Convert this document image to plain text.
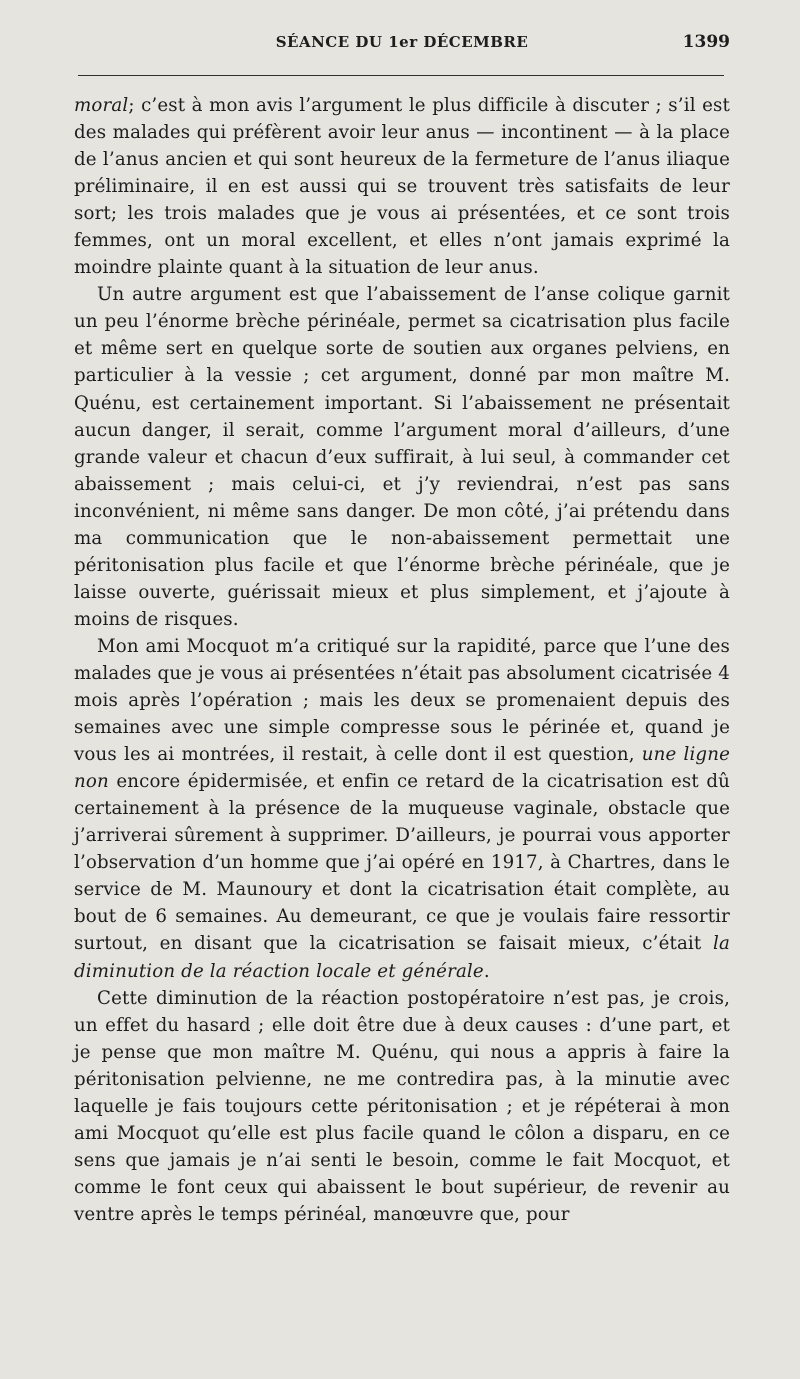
SÉANCE DU 1er DÉCEMBRE	1399

moral; c’est à mon avis l’argument le plus difficile à discuter ; s’il est des malades qui préfèrent avoir leur anus — incontinent — à la place de l’anus ancien et qui sont heureux de la fermeture de l’anus iliaque préliminaire, il en est aussi qui se trouvent très satisfaits de leur sort; les trois malades que je vous ai présentées, et ce sont trois femmes, ont un moral excellent, et elles n’ont jamais exprimé la moindre plainte quant à la situation de leur anus.

Un autre argument est que l’abaissement de l’anse colique garnit un peu l’énorme brèche périnéale, permet sa cicatrisation plus facile et même sert en quelque sorte de soutien aux organes pelviens, en particulier à la vessie ; cet argument, donné par mon maître M. Quénu, est certainement important. Si l’abaissement ne présentait aucun danger, il serait, comme l’argument moral d’ailleurs, d’une grande valeur et chacun d’eux suffirait, à lui seul, à commander cet abaissement ; mais celui-ci, et j’y reviendrai, n’est pas sans inconvénient, ni même sans danger. De mon côté, j’ai prétendu dans ma communication que le non-abaissement permettait une péritonisation plus facile et que l’énorme brèche périnéale, que je laisse ouverte, guérissait mieux et plus simplement, et j’ajoute à moins de risques.

Mon ami Mocquot m’a critiqué sur la rapidité, parce que l’une des malades que je vous ai présentées n’était pas absolument cicatrisée 4 mois après l’opération ; mais les deux se promenaient depuis des semaines avec une simple compresse sous le périnée et, quand je vous les ai montrées, il restait, à celle dont il est question, une ligne non encore épidermisée, et enfin ce retard de la cicatrisation est dû certainement à la présence de la muqueuse vaginale, obstacle que j’arriverai sûrement à supprimer. D’ailleurs, je pourrai vous apporter l’observation d’un homme que j’ai opéré en 1917, à Chartres, dans le service de M. Maunoury et dont la cicatrisation était complète, au bout de 6 semaines. Au demeurant, ce que je voulais faire ressortir surtout, en disant que la cicatrisation se faisait mieux, c’était la diminution de la réaction locale et générale.

Cette diminution de la réaction postopératoire n’est pas, je crois, un effet du hasard ; elle doit être due à deux causes : d’une part, et je pense que mon maître M. Quénu, qui nous a appris à faire la péritonisation pelvienne, ne me contredira pas, à la minutie avec laquelle je fais toujours cette péritonisation ; et je répéterai à mon ami Mocquot qu’elle est plus facile quand le côlon a disparu, en ce sens que jamais je n’ai senti le besoin, comme le fait Mocquot, et comme le font ceux qui abaissent le bout supérieur, de revenir au ventre après le temps périnéal, manœuvre que, pour
